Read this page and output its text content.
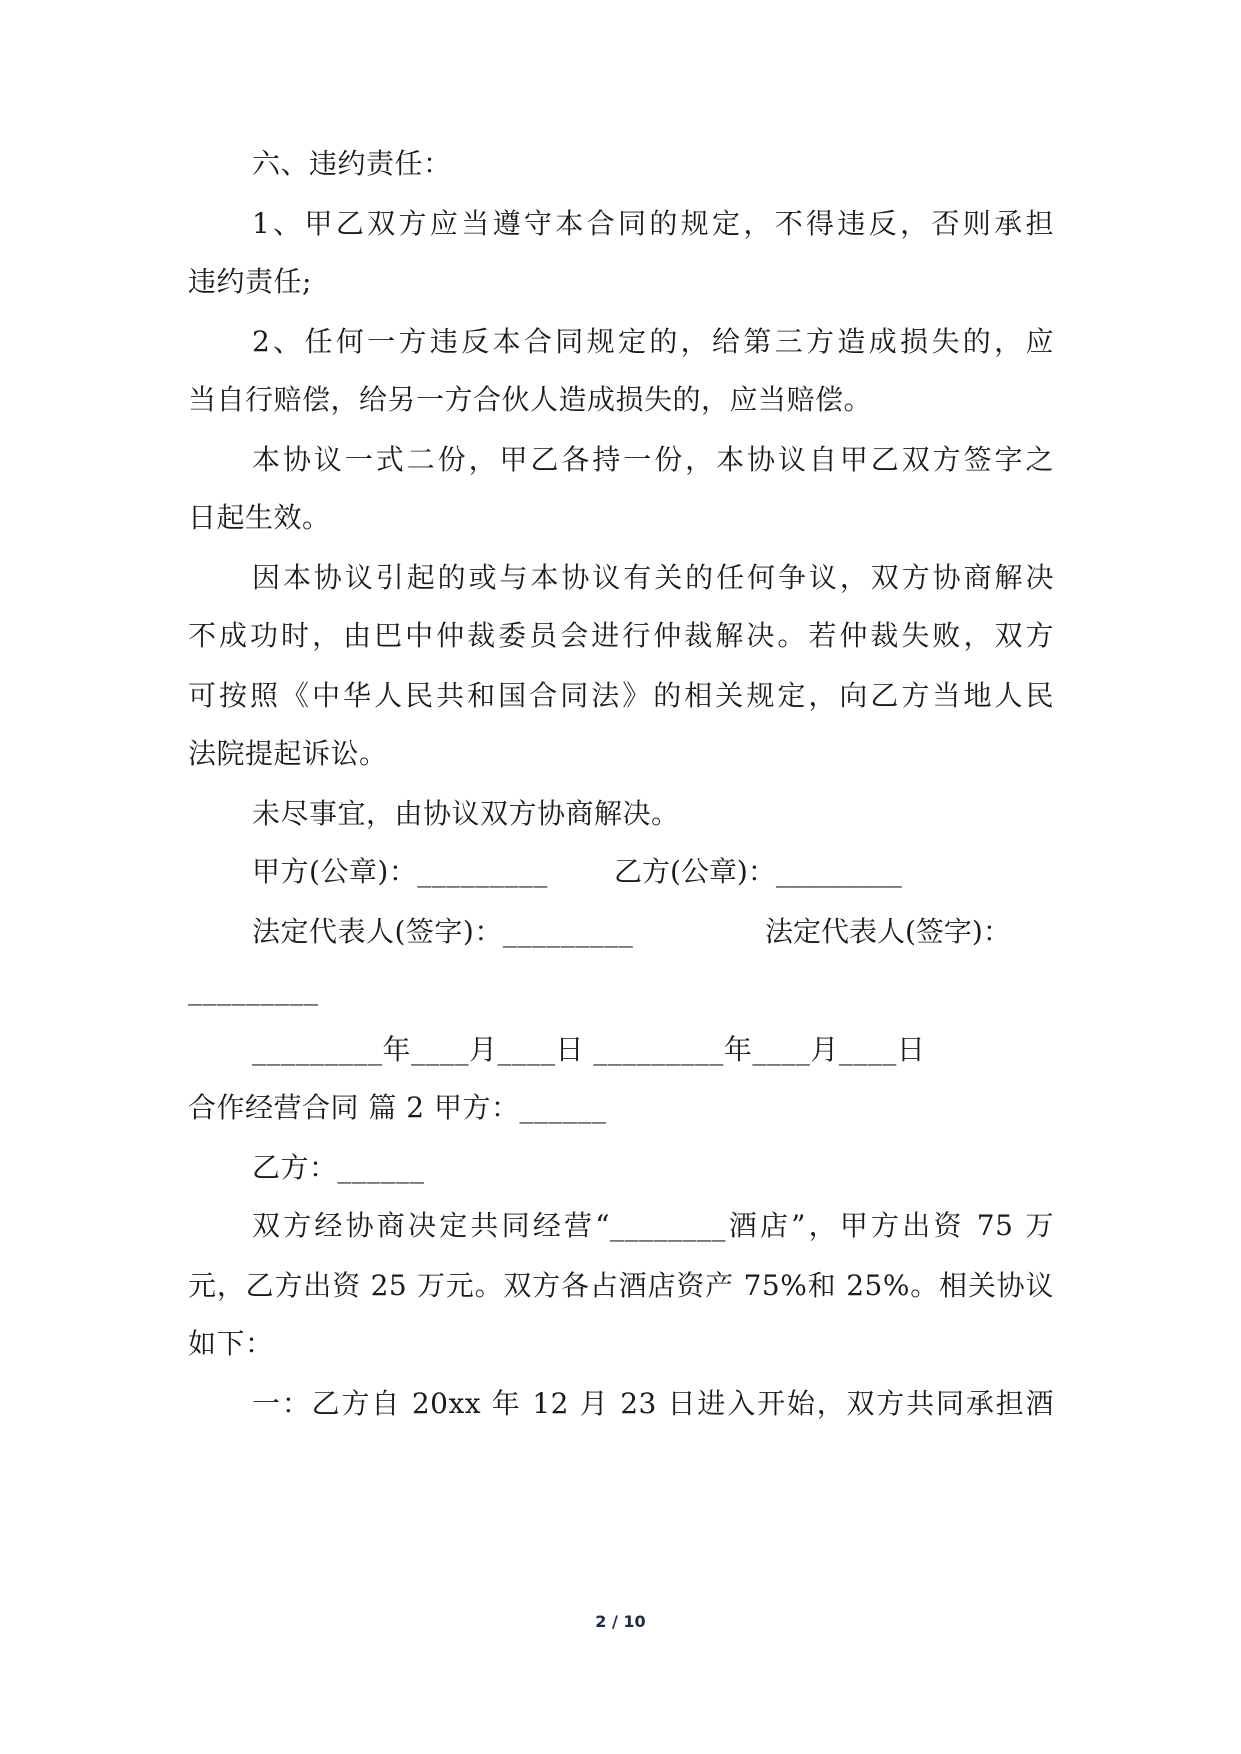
六、违约责任：
1、甲乙双方应当遵守本合同的规定，不得违反，否则承担
违约责任;
2、任何一方违反本合同规定的，给第三方造成损失的，应
当自行赔偿，给另一方合伙人造成损失的，应当赔偿。
本协议一式二份，甲乙各持一份，本协议自甲乙双方签字之
日起生效。
因本协议引起的或与本协议有关的任何争议，双方协商解决
不成功时，由巴中仲裁委员会进行仲裁解决。若仲裁失败，双方
可按照《中华人民共和国合同法》的相关规定，向乙方当地人民
法院提起诉讼。
未尽事宜，由协议双方协商解决。
甲方(公章)：_________ 乙方(公章)：_________
法定代表人(签字)：_________	法定代表人(签字)：
_________
_________年____月____日 _________年____月____日
合作经营合同 篇 2 甲方：______
乙方：______
双方经协商决定共同经营“________酒店”，甲方出资 75 万
元，乙方出资 25 万元。双方各占酒店资产 75%和 25%。相关协议
如下：
一：乙方自 20xx 年 12 月 23 日进入开始，双方共同承担酒
2 / 10
